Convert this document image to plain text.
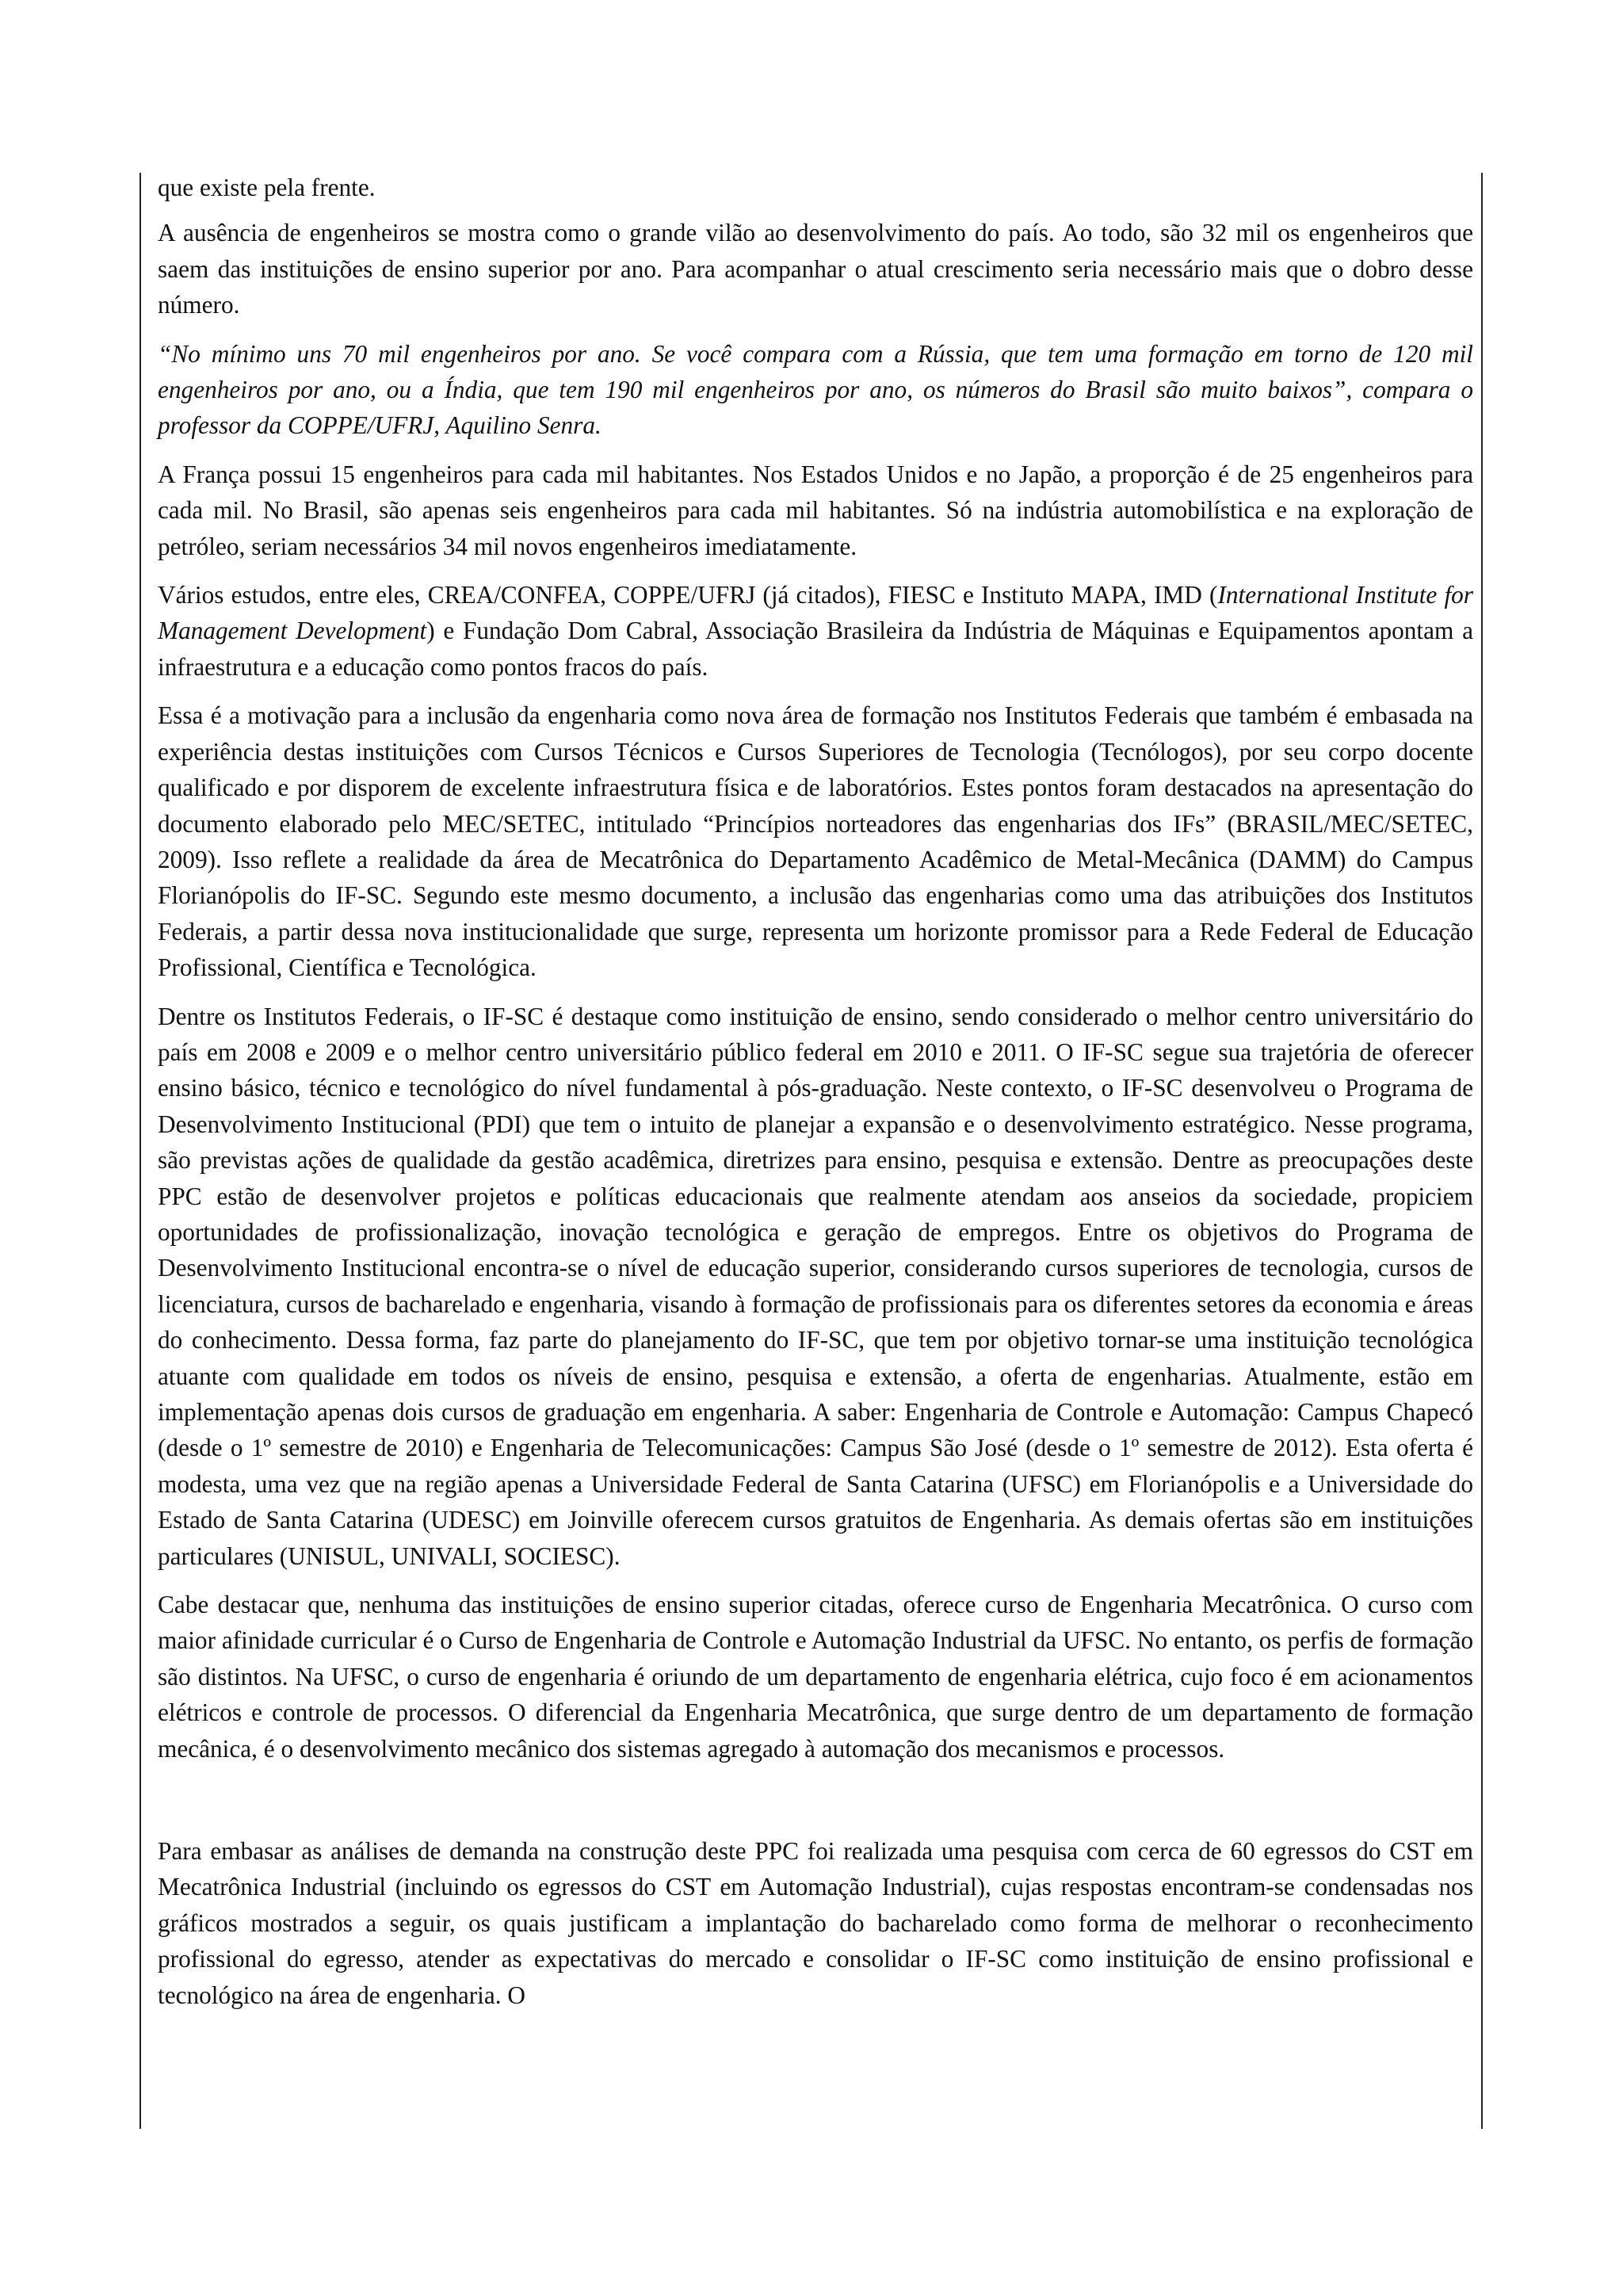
que existe pela frente.

A ausência de engenheiros se mostra como o grande vilão ao desenvolvimento do país. Ao todo, são 32 mil os engenheiros que saem das instituições de ensino superior por ano. Para acompanhar o atual crescimento seria necessário mais que o dobro desse número.

“No mínimo uns 70 mil engenheiros por ano. Se você compara com a Rússia, que tem uma formação em torno de 120 mil engenheiros por ano, ou a Índia, que tem 190 mil engenheiros por ano, os números do Brasil são muito baixos”, compara o professor da COPPE/UFRJ, Aquilino Senra.

A França possui 15 engenheiros para cada mil habitantes. Nos Estados Unidos e no Japão, a proporção é de 25 engenheiros para cada mil. No Brasil, são apenas seis engenheiros para cada mil habitantes. Só na indústria automobilística e na exploração de petróleo, seriam necessários 34 mil novos engenheiros imediatamente.

Vários estudos, entre eles, CREA/CONFEA, COPPE/UFRJ (já citados), FIESC e Instituto MAPA, IMD (International Institute for Management Development) e Fundação Dom Cabral, Associação Brasileira da Indústria de Máquinas e Equipamentos apontam a infraestrutura e a educação como pontos fracos do país.

Essa é a motivação para a inclusão da engenharia como nova área de formação nos Institutos Federais que também é embasada na experiência destas instituições com Cursos Técnicos e Cursos Superiores de Tecnologia (Tecnólogos), por seu corpo docente qualificado e por disporem de excelente infraestrutura física e de laboratórios. Estes pontos foram destacados na apresentação do documento elaborado pelo MEC/SETEC, intitulado “Princípios norteadores das engenharias dos IFs” (BRASIL/MEC/SETEC, 2009). Isso reflete a realidade da área de Mecatrônica do Departamento Acadêmico de Metal-Mecânica (DAMM) do Campus Florianópolis do IF-SC. Segundo este mesmo documento, a inclusão das engenharias como uma das atribuições dos Institutos Federais, a partir dessa nova institucionalidade que surge, representa um horizonte promissor para a Rede Federal de Educação Profissional, Científica e Tecnológica.

Dentre os Institutos Federais, o IF-SC é destaque como instituição de ensino, sendo considerado o melhor centro universitário do país em 2008 e 2009 e o melhor centro universitário público federal em 2010 e 2011. O IF-SC segue sua trajetória de oferecer ensino básico, técnico e tecnológico do nível fundamental à pós-graduação. Neste contexto, o IF-SC desenvolveu o Programa de Desenvolvimento Institucional (PDI) que tem o intuito de planejar a expansão e o desenvolvimento estratégico. Nesse programa, são previstas ações de qualidade da gestão acadêmica, diretrizes para ensino, pesquisa e extensão. Dentre as preocupações deste PPC estão de desenvolver projetos e políticas educacionais que realmente atendam aos anseios da sociedade, propiciem oportunidades de profissionalização, inovação tecnológica e geração de empregos. Entre os objetivos do Programa de Desenvolvimento Institucional encontra-se o nível de educação superior, considerando cursos superiores de tecnologia, cursos de licenciatura, cursos de bacharelado e engenharia, visando à formação de profissionais para os diferentes setores da economia e áreas do conhecimento. Dessa forma, faz parte do planejamento do IF-SC, que tem por objetivo tornar-se uma instituição tecnológica atuante com qualidade em todos os níveis de ensino, pesquisa e extensão, a oferta de engenharias. Atualmente, estão em implementação apenas dois cursos de graduação em engenharia. A saber: Engenharia de Controle e Automação: Campus Chapecó (desde o 1º semestre de 2010) e Engenharia de Telecomunicações: Campus São José (desde o 1º semestre de 2012). Esta oferta é modesta, uma vez que na região apenas a Universidade Federal de Santa Catarina (UFSC) em Florianópolis e a Universidade do Estado de Santa Catarina (UDESC) em Joinville oferecem cursos gratuitos de Engenharia. As demais ofertas são em instituições particulares (UNISUL, UNIVALI, SOCIESC).

Cabe destacar que, nenhuma das instituições de ensino superior citadas, oferece curso de Engenharia Mecatrônica. O curso com maior afinidade curricular é o Curso de Engenharia de Controle e Automação Industrial da UFSC. No entanto, os perfis de formação são distintos. Na UFSC, o curso de engenharia é oriundo de um departamento de engenharia elétrica, cujo foco é em acionamentos elétricos e controle de processos. O diferencial da Engenharia Mecatrônica, que surge dentro de um departamento de formação mecânica, é o desenvolvimento mecânico dos sistemas agregado à automação dos mecanismos e processos.

Para embasar as análises de demanda na construção deste PPC foi realizada uma pesquisa com cerca de 60 egressos do CST em Mecatrônica Industrial (incluindo os egressos do CST em Automação Industrial), cujas respostas encontram-se condensadas nos gráficos mostrados a seguir, os quais justificam a implantação do bacharelado como forma de melhorar o reconhecimento profissional do egresso, atender as expectativas do mercado e consolidar o IF-SC como instituição de ensino profissional e tecnológico na área de engenharia. O
